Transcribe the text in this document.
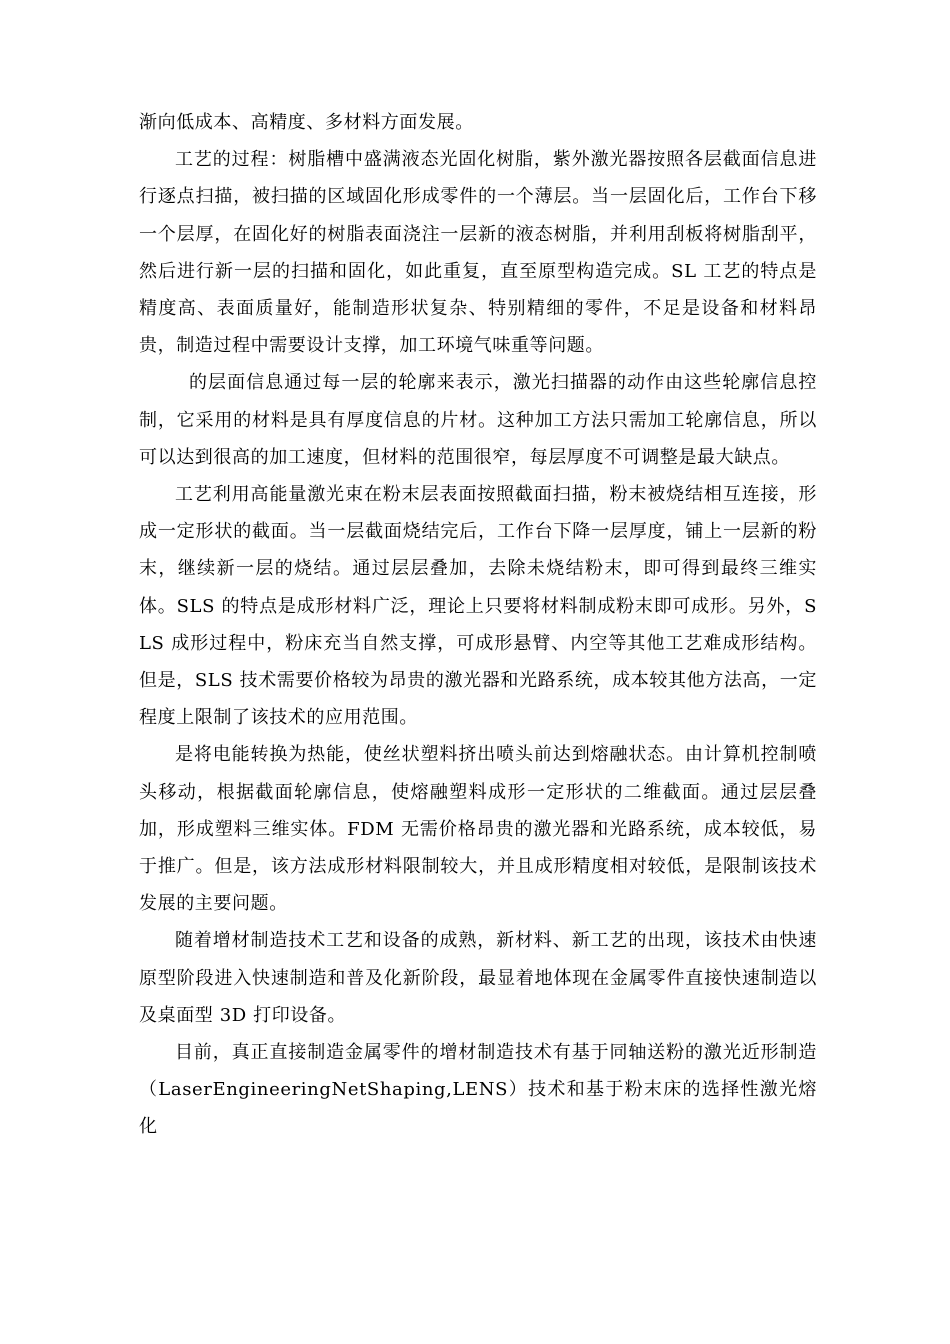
渐向低成本、高精度、多材料方面发展。

工艺的过程：树脂槽中盛满液态光固化树脂，紫外激光器按照各层截面信息进行逐点扫描，被扫描的区域固化形成零件的一个薄层。当一层固化后，工作台下移一个层厚，在固化好的树脂表面浇注一层新的液态树脂，并利用刮板将树脂刮平，然后进行新一层的扫描和固化，如此重复，直至原型构造完成。SL 工艺的特点是精度高、表面质量好，能制造形状复杂、特别精细的零件，不足是设备和材料昂贵，制造过程中需要设计支撑，加工环境气味重等问题。

的层面信息通过每一层的轮廓来表示，激光扫描器的动作由这些轮廓信息控制，它采用的材料是具有厚度信息的片材。这种加工方法只需加工轮廓信息，所以可以达到很高的加工速度，但材料的范围很窄，每层厚度不可调整是最大缺点。

工艺利用高能量激光束在粉末层表面按照截面扫描，粉末被烧结相互连接，形成一定形状的截面。当一层截面烧结完后，工作台下降一层厚度，铺上一层新的粉末，继续新一层的烧结。通过层层叠加，去除未烧结粉末，即可得到最终三维实体。SLS 的特点是成形材料广泛，理论上只要将材料制成粉末即可成形。另外，SLS 成形过程中，粉床充当自然支撑，可成形悬臂、内空等其他工艺难成形结构。但是，SLS 技术需要价格较为昂贵的激光器和光路系统，成本较其他方法高，一定程度上限制了该技术的应用范围。

是将电能转换为热能，使丝状塑料挤出喷头前达到熔融状态。由计算机控制喷头移动，根据截面轮廓信息，使熔融塑料成形一定形状的二维截面。通过层层叠加，形成塑料三维实体。FDM 无需价格昂贵的激光器和光路系统，成本较低，易于推广。但是，该方法成形材料限制较大，并且成形精度相对较低，是限制该技术发展的主要问题。

随着增材制造技术工艺和设备的成熟，新材料、新工艺的出现，该技术由快速原型阶段进入快速制造和普及化新阶段，最显着地体现在金属零件直接快速制造以及桌面型 3D 打印设备。

目前，真正直接制造金属零件的增材制造技术有基于同轴送粉的激光近形制造（LaserEngineeringNetShaping,LENS）技术和基于粉末床的选择性激光熔化
